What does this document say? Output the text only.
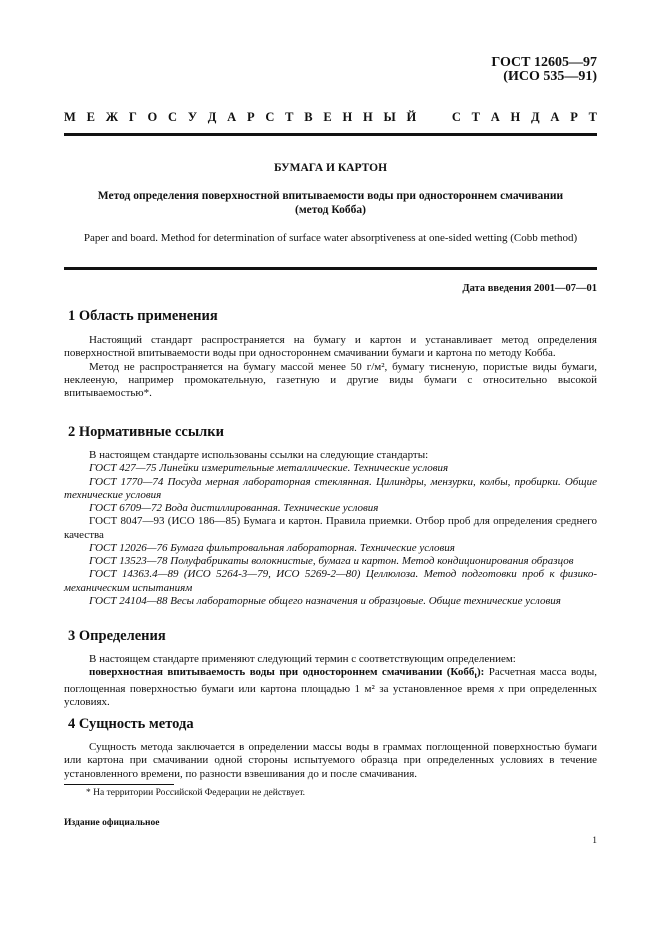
ГОСТ 12605—97
(ИСО 535—91)
М Е Ж Г О С У Д А Р С Т В Е Н Н Ы Й	С Т А Н Д А Р Т
БУМАГА И КАРТОН
Метод определения поверхностной впитываемости воды при одностороннем смачивании
(метод Кобба)
Paper and board. Method for determination of surface water absorptiveness at one-sided wetting (Cobb method)
Дата введения 2001—07—01
1 Область применения

Настоящий стандарт распространяется на бумагу и картон и устанавливает метод определения поверхностной впитываемости воды при одностороннем смачивании бумаги и картона по методу Кобба.

Метод не распространяется на бумагу массой менее 50 г/м², бумагу тисненую, пористые виды бумаги, неклееную, например промокательную, газетную и другие виды бумаги с относительно высокой впитываемостью*.

2 Нормативные ссылки

В настоящем стандарте использованы ссылки на следующие стандарты:

ГОСТ 427—75 Линейки измерительные металлические. Технические условия

ГОСТ 1770—74 Посуда мерная лабораторная стеклянная. Цилиндры, мензурки, колбы, пробирки. Общие технические условия

ГОСТ 6709—72 Вода дистиллированная. Технические условия

ГОСТ 8047—93 (ИСО 186—85) Бумага и картон. Правила приемки. Отбор проб для определения среднего качества

ГОСТ 12026—76 Бумага фильтровальная лабораторная. Технические условия

ГОСТ 13523—78 Полуфабрикаты волокнистые, бумага и картон. Метод кондиционирования образцов

ГОСТ 14363.4—89 (ИСО 5264-3—79, ИСО 5269-2—80) Целлюлоза. Метод подготовки проб к физико-механическим испытаниям

ГОСТ 24104—88 Весы лабораторные общего назначения и образцовые. Общие технические условия

3 Определения

В настоящем стандарте применяют следующий термин с соответствующим определением:

поверхностная впитываемость воды при одностороннем смачивании (Кобб$_t$): Расчетная масса воды, поглощенная поверхностью бумаги или картона площадью 1 м² за установленное время x при определенных условиях.

4 Сущность метода

Сущность метода заключается в определении массы воды в граммах поглощенной поверхностью бумаги или картона при смачивании одной стороны испытуемого образца при определенных условиях в течение установленного времени, по разности взвешивания до и после смачивания.

* На территории Российской Федерации не действует.
Издание официальное
1
